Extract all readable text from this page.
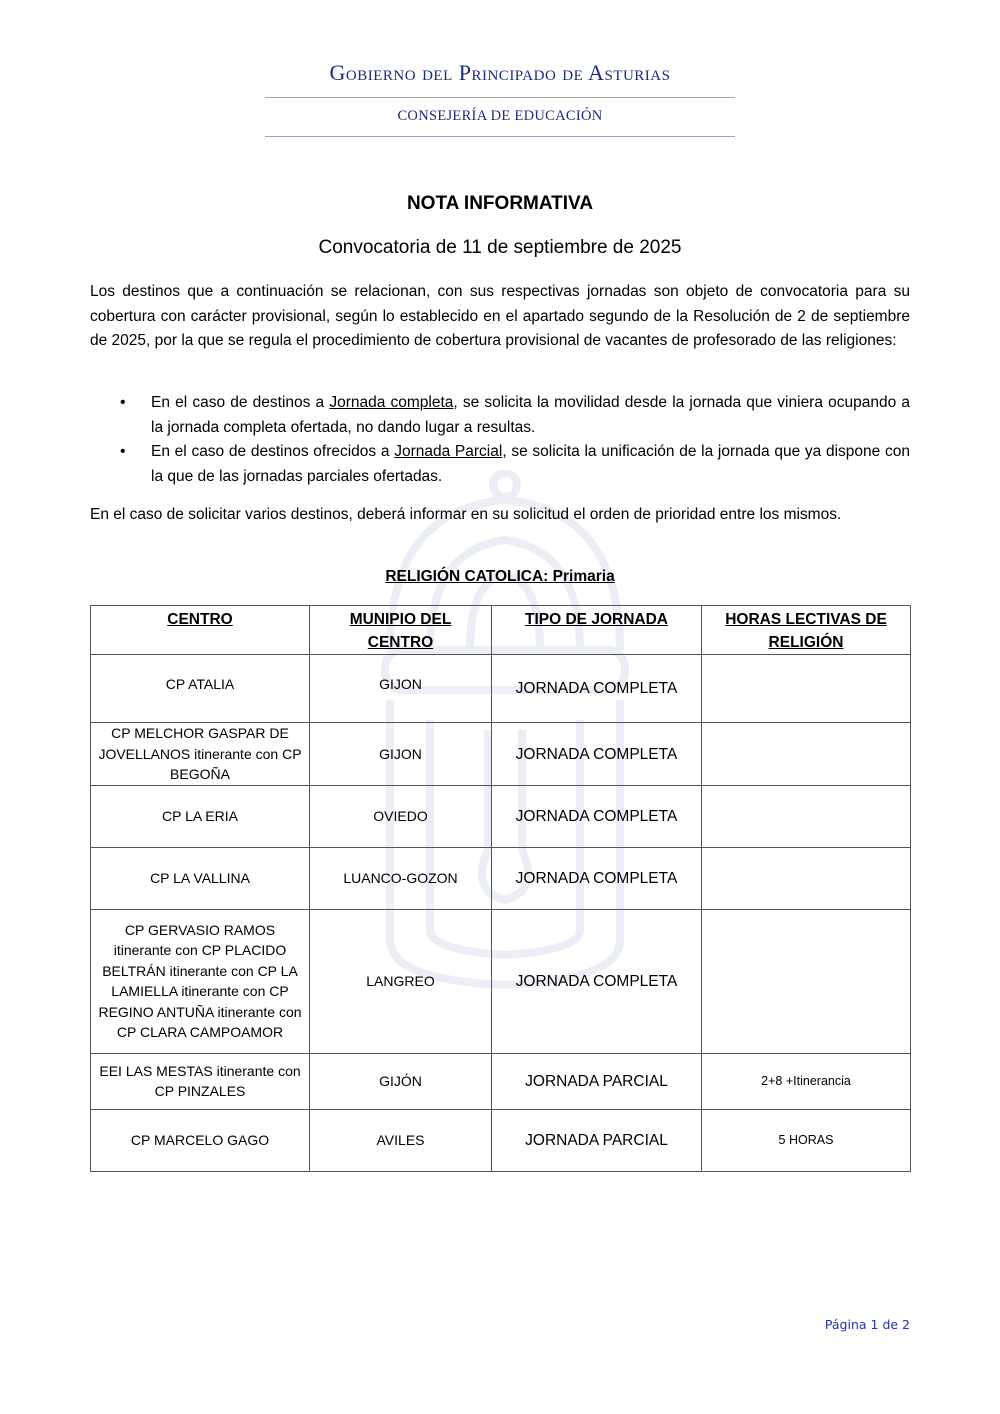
Gobierno del Principado de Asturias
CONSEJERÍA DE EDUCACIÓN
NOTA INFORMATIVA
Convocatoria de 11 de septiembre de 2025
Los destinos que a continuación se relacionan, con sus respectivas jornadas son objeto de convocatoria para su cobertura con carácter provisional, según lo establecido en el apartado segundo de la Resolución de 2 de septiembre de 2025, por la que se regula el procedimiento de cobertura provisional de vacantes de profesorado de las religiones:
• En el caso de destinos a Jornada completa, se solicita la movilidad desde la jornada que viniera ocupando a la jornada completa ofertada, no dando lugar a resultas.
• En el caso de destinos ofrecidos a Jornada Parcial, se solicita la unificación de la jornada que ya dispone con la que de las jornadas parciales ofertadas.
En el caso de solicitar varios destinos, deberá informar en su solicitud el orden de prioridad entre los mismos.
RELIGIÓN CATOLICA: Primaria
CENTRO	MUNIPIO DEL CENTRO	TIPO DE JORNADA	HORAS LECTIVAS DE RELIGIÓN

CP ATALIA	GIJON	JORNADA COMPLETA	

CP MELCHOR GASPAR DE JOVELLANOS itinerante con CP BEGOÑA	GIJON	JORNADA COMPLETA	

CP LA ERIA	OVIEDO	JORNADA COMPLETA	

CP LA VALLINA	LUANCO-GOZON	JORNADA COMPLETA	

CP GERVASIO RAMOS itinerante con CP PLACIDO BELTRÁN itinerante con CP LA LAMIELLA itinerante con CP REGINO ANTUÑA itinerante con CP CLARA CAMPOAMOR	LANGREO	JORNADA COMPLETA	

EEI LAS MESTAS itinerante con CP PINZALES	GIJÓN	JORNADA PARCIAL	2+8 +Itinerancia
CP MARCELO GAGO	AVILES	JORNADA PARCIAL	5 HORAS
Página 1 de 2
